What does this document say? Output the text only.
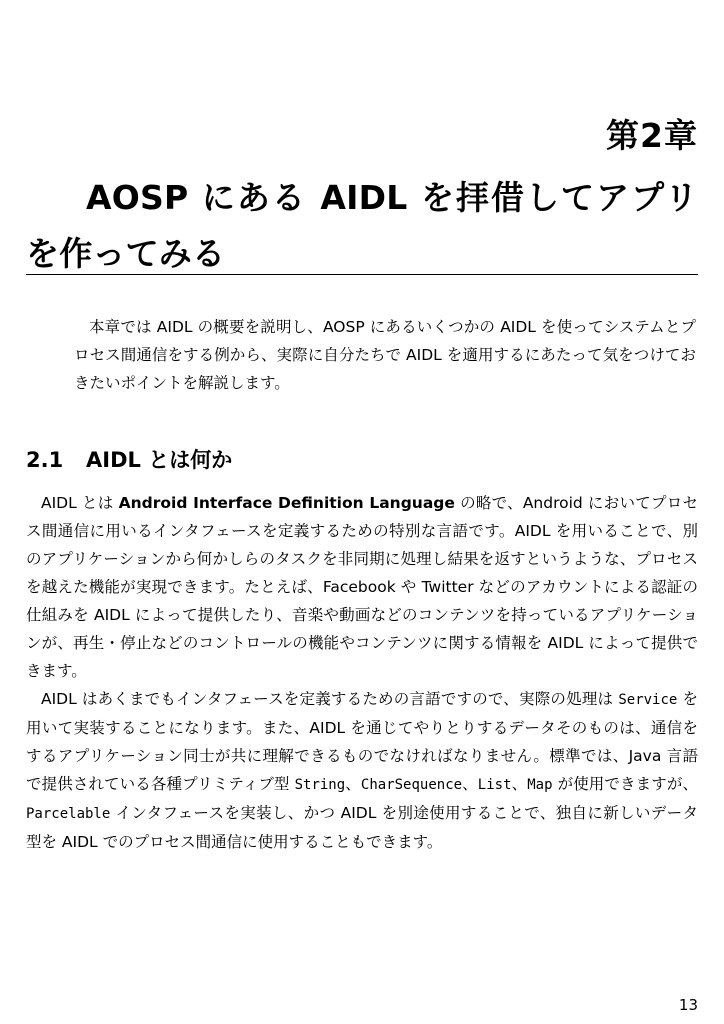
第2章
AOSP にある AIDL を拝借してアプリを作ってみる

本章では AIDL の概要を説明し、AOSP にあるいくつかの AIDL を使ってシステムとプロセス間通信をする例から、実際に自分たちで AIDL を適用するにあたって気をつけておきたいポイントを解説します。

2.1 AIDL とは何か

AIDL とは Android Interface Definition Language の略で、Android においてプロセス間通信に用いるインタフェースを定義するための特別な言語です。AIDL を用いることで、別のアプリケーションから何かしらのタスクを非同期に処理し結果を返すというような、プロセスを越えた機能が実現できます。たとえば、Facebook や Twitter などのアカウントによる認証の仕組みを AIDL によって提供したり、音楽や動画などのコンテンツを持っているアプリケーションが、再生・停止などのコントロールの機能やコンテンツに関する情報を AIDL によって提供できます。

AIDL はあくまでもインタフェースを定義するための言語ですので、実際の処理は Service を用いて実装することになります。また、AIDL を通じてやりとりするデータそのものは、通信をするアプリケーション同士が共に理解できるものでなければなりません。標準では、Java 言語で提供されている各種プリミティブ型 String、CharSequence、List、Map が使用できますが、Parcelable インタフェースを実装し、かつ AIDL を別途使用することで、独自に新しいデータ型を AIDL でのプロセス間通信に使用することもできます。

13
